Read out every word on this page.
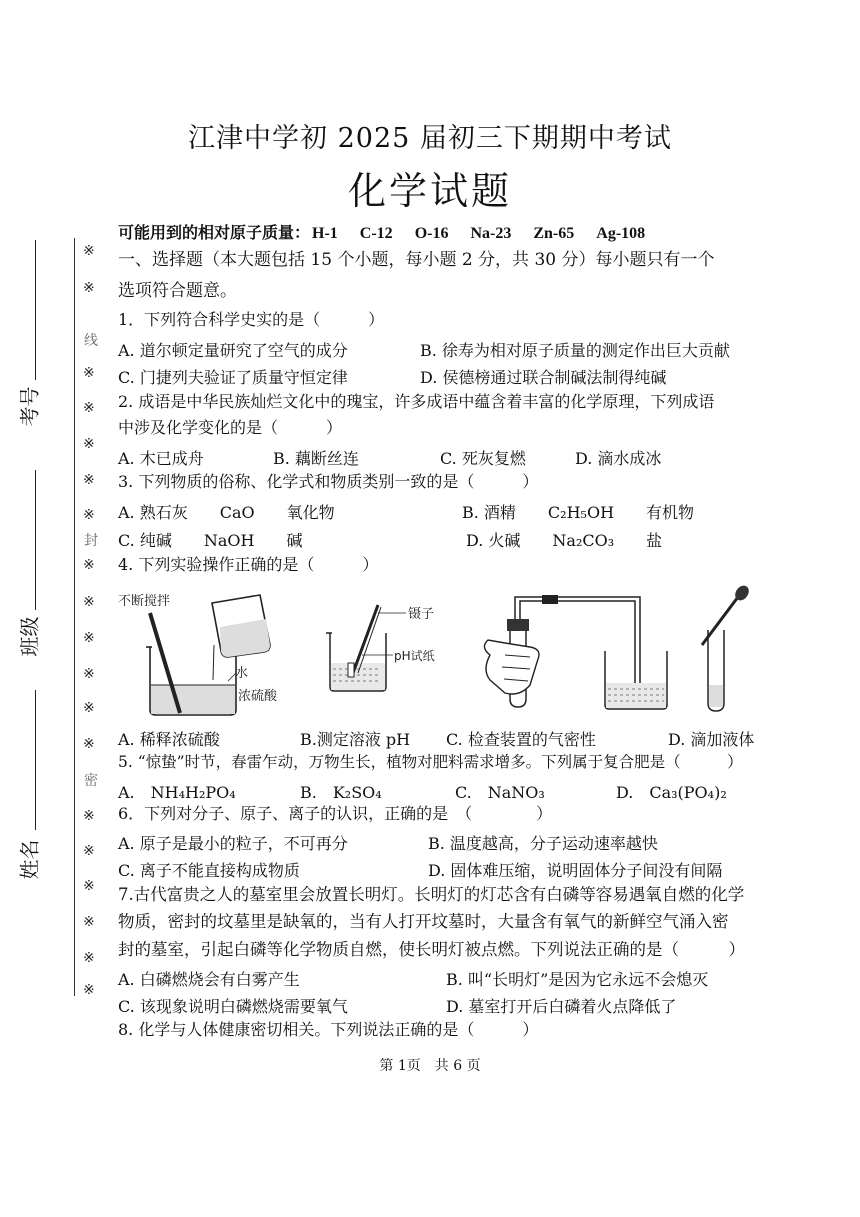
江津中学初 2025 届初三下期期中考试
化学试题
可能用到的相对原子质量： H-1 C-12 O-16 Na-23 Zn-65 Ag-108
考号
班级
姓名
线
封
密
※
※
※
※
※
※
※
※
※
※
※
※
※
※
※
※
※
※
※
一、选择题（本大题包括 15 个小题，每小题 2 分，共 30 分）每小题只有一个
选项符合题意。
1．下列符合科学史实的是（　　　）
A. 道尔顿定量研究了空气的成分	B. 徐寿为相对原子质量的测定作出巨大贡献
C. 门捷列夫验证了质量守恒定律	D. 侯德榜通过联合制碱法制得纯碱
2. 成语是中华民族灿烂文化中的瑰宝，许多成语中蕴含着丰富的化学原理，下列成语
中涉及化学变化的是（　　　）
A. 木已成舟	B. 藕断丝连	C. 死灰复燃	D. 滴水成冰
3. 下列物质的俗称、化学式和物质类别一致的是（　　　）
A. 熟石灰　　CaO　　氧化物	B. 酒精　　C₂H₅OH　　有机物
C. 纯碱　　NaOH　　碱	D. 火碱　　Na₂CO₃　　盐
4. 下列实验操作正确的是（　　　）
不断搅拌
水
浓硫酸
镊子
pH试纸
A. 稀释浓硫酸	B.测定溶液 pH C. 检查装置的气密性	D. 滴加液体
5. “惊蛰”时节，春雷乍动，万物生长，植物对肥料需求增多。下列属于复合肥是（　　　）
A.　NH₄H₂PO₄	B.　K₂SO₄	C.　NaNO₃	D.　Ca₃(PO₄)₂
6．下列对分子、原子、离子的认识，正确的是　（　　　　）
A. 原子是最小的粒子，不可再分	B. 温度越高，分子运动速率越快
C. 离子不能直接构成物质	D. 固体难压缩，说明固体分子间没有间隔
7.古代富贵之人的墓室里会放置长明灯。长明灯的灯芯含有白磷等容易遇氧自燃的化学
物质，密封的坟墓里是缺氧的，当有人打开坟墓时，大量含有氧气的新鲜空气涌入密
封的墓室，引起白磷等化学物质自燃，使长明灯被点燃。下列说法正确的是（　　　）
A. 白磷燃烧会有白雾产生	B. 叫“长明灯”是因为它永远不会熄灭
C. 该现象说明白磷燃烧需要氧气	D. 墓室打开后白磷着火点降低了
8. 化学与人体健康密切相关。下列说法正确的是（　　　）
第 1页　共 6 页
